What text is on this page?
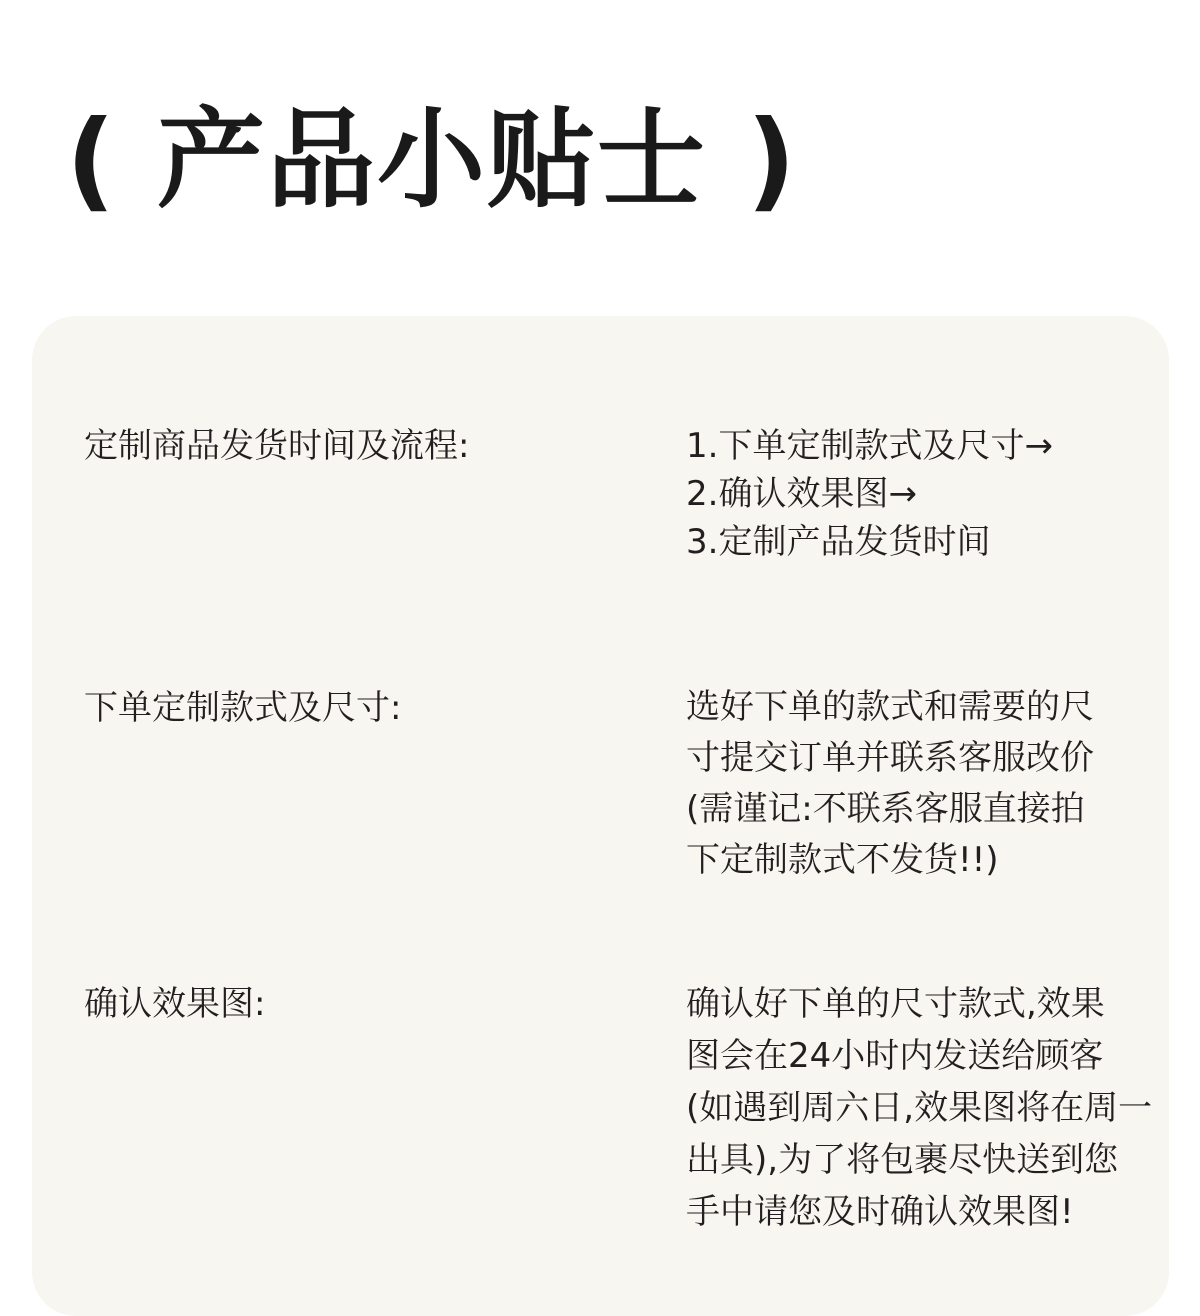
( 产品小贴士 )
定制商品发货时间及流程:	1.下单定制款式及尺寸→
2.确认效果图→
3.定制产品发货时间
下单定制款式及尺寸:	选好下单的款式和需要的尺
寸提交订单并联系客服改价
(需谨记:不联系客服直接拍
下定制款式不发货!!)
确认效果图:	确认好下单的尺寸款式,效果
图会在24小时内发送给顾客
(如遇到周六日,效果图将在周一
出具),为了将包裹尽快送到您
手中请您及时确认效果图!
